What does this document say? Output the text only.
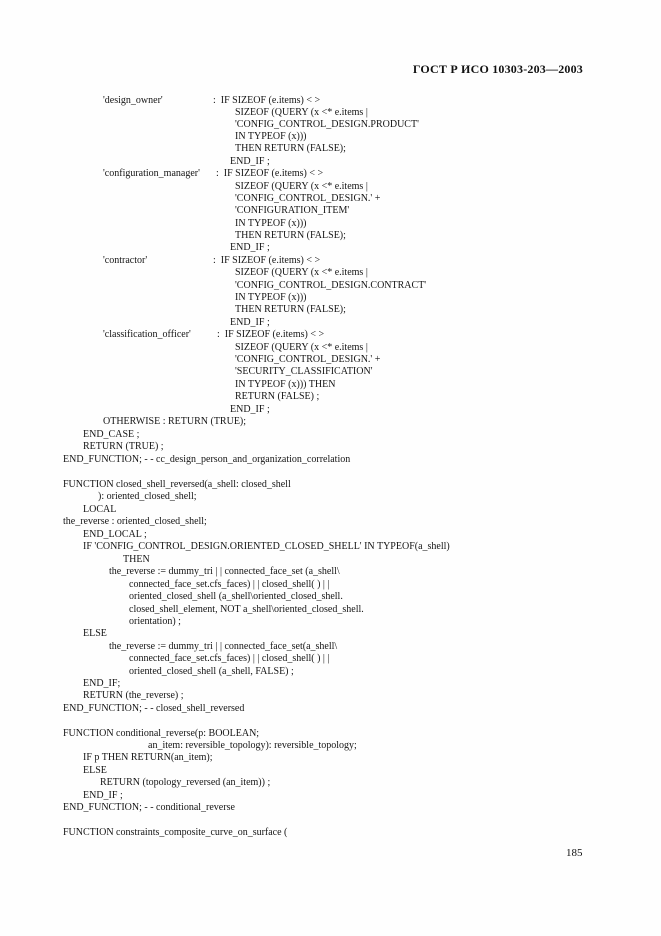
ГОСТ Р ИСО 10303-203—2003
'design_owner'	:  IF SIZEOF (e.items) < >
SIZEOF (QUERY (x <* e.items |
'CONFIG_CONTROL_DESIGN.PRODUCT'
IN TYPEOF (x)))
THEN RETURN (FALSE);
END_IF ;
'configuration_manager' :  IF SIZEOF (e.items) < >
SIZEOF (QUERY (x <* e.items |
'CONFIG_CONTROL_DESIGN.' +
'CONFIGURATION_ITEM'
IN TYPEOF (x)))
THEN RETURN (FALSE);
END_IF ;
'contractor'	:  IF SIZEOF (e.items) < >
SIZEOF (QUERY (x <* e.items |
'CONFIG_CONTROL_DESIGN.CONTRACT'
IN TYPEOF (x)))
THEN RETURN (FALSE);
END_IF ;
'classification_officer'	:  IF SIZEOF (e.items) < >
SIZEOF (QUERY (x <* e.items |
'CONFIG_CONTROL_DESIGN.' +
'SECURITY_CLASSIFICATION'
IN TYPEOF (x))) THEN
RETURN (FALSE) ;
END_IF ;
OTHERWISE : RETURN (TRUE);
END_CASE ;
RETURN (TRUE) ;
END_FUNCTION; - - cc_design_person_and_organization_correlation
FUNCTION closed_shell_reversed(a_shell: closed_shell
): oriented_closed_shell;
LOCAL
the_reverse : oriented_closed_shell;
END_LOCAL ;
IF 'CONFIG_CONTROL_DESIGN.ORIENTED_CLOSED_SHELL' IN TYPEOF(a_shell)
THEN
the_reverse := dummy_tri | | connected_face_set (a_shell\
connected_face_set.cfs_faces) | | closed_shell( ) | |
oriented_closed_shell (a_shell\oriented_closed_shell.
closed_shell_element, NOT a_shell\oriented_closed_shell.
orientation) ;
ELSE
the_reverse := dummy_tri | | connected_face_set(a_shell\
connected_face_set.cfs_faces) | | closed_shell( ) | |
oriented_closed_shell (a_shell, FALSE) ;
END_IF;
RETURN (the_reverse) ;
END_FUNCTION; - - closed_shell_reversed
FUNCTION conditional_reverse(p: BOOLEAN;
an_item: reversible_topology): reversible_topology;
IF p THEN RETURN(an_item);
ELSE
RETURN (topology_reversed (an_item)) ;
END_IF ;
END_FUNCTION; - - conditional_reverse
FUNCTION constraints_composite_curve_on_surface (
185
